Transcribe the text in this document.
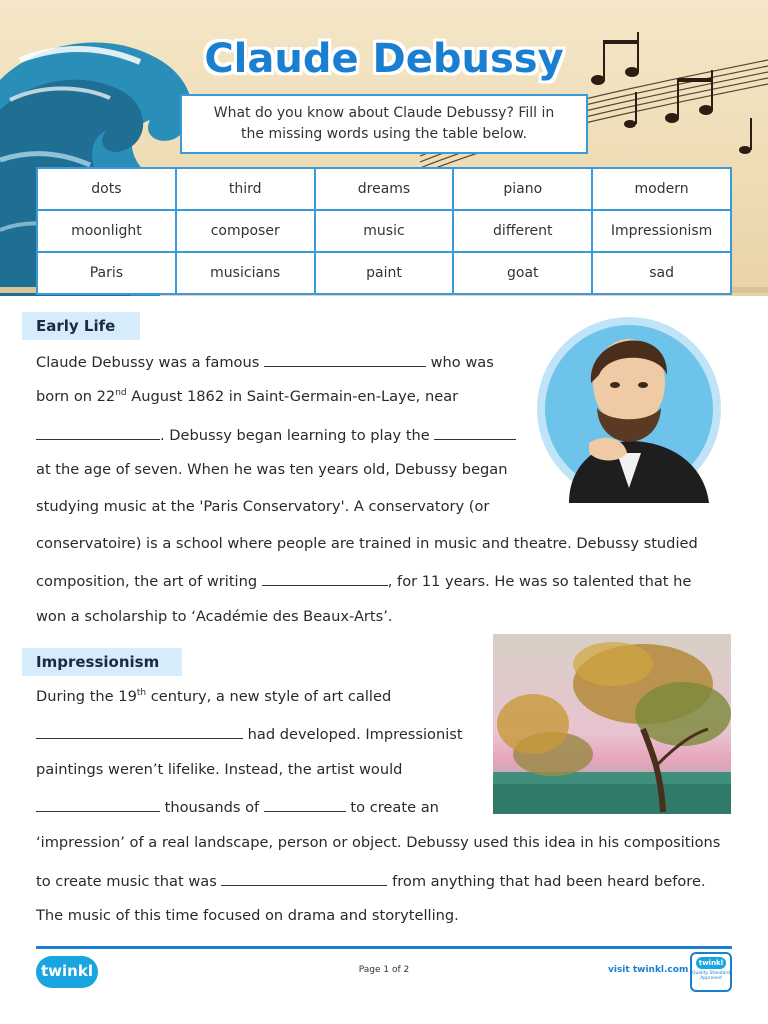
Claude Debussy
What do you know about Claude Debussy? Fill in
the missing words using the table below.
dots	third	dreams	piano	modern
moonlight	composer	music	different	Impressionism
Paris	musicians	paint	goat	sad
Early Life
Claude Debussy was a famous	who was
born on 22nd August 1862 in Saint-Germain-en-Laye, near
. Debussy began learning to play the
at the age of seven. When he was ten years old, Debussy began
studying music at the 'Paris Conservatory'. A conservatory (or
conservatoire) is a school where people are trained in music and theatre. Debussy studied
composition, the art of writing	, for 11 years. He was so talented that he
won a scholarship to ‘Académie des Beaux-Arts’.
Impressionism
During the 19th century, a new style of art called
had developed. Impressionist
paintings weren’t lifelike. Instead, the artist would
thousands of	to create an
‘impression’ of a real landscape, person or object. Debussy used this idea in his compositions
to create music that was	from anything that had been heard before.
The music of this time focused on drama and storytelling.
twinkl	Page 1 of 2	visit twinkl.com
twinkl
Quality Standard Approved
